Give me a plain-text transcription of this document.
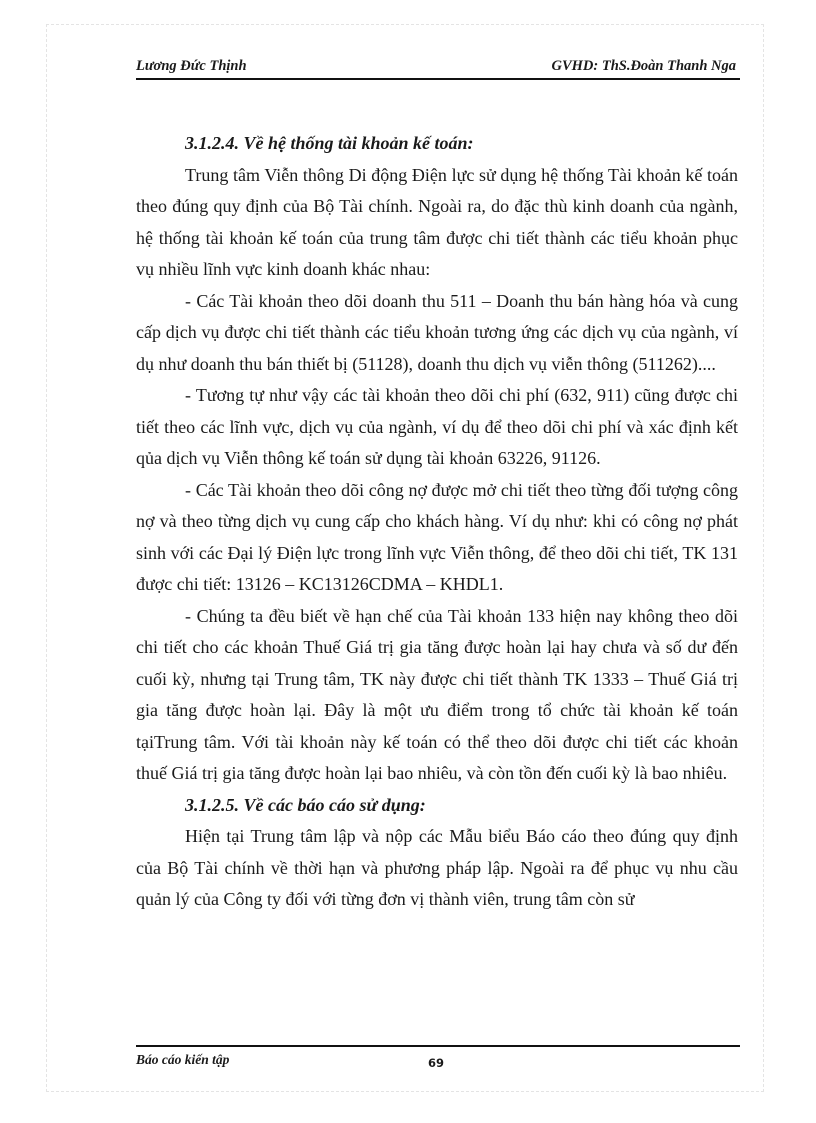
Lương Đức Thịnh	GVHD: ThS.Đoàn Thanh Nga

3.1.2.4. Về hệ thống tài khoản kế toán:

Trung tâm Viễn thông Di động Điện lực sử dụng hệ thống Tài khoản kế toán theo đúng quy định của Bộ Tài chính. Ngoài ra, do đặc thù kinh doanh của ngành, hệ thống tài khoản kế toán của trung tâm được chi tiết thành các tiểu khoản phục vụ nhiều lĩnh vực kinh doanh khác nhau:

- Các Tài khoản theo dõi doanh thu 511 – Doanh thu bán hàng hóa và cung cấp dịch vụ được chi tiết thành các tiểu khoản tương ứng các dịch vụ của ngành, ví dụ như doanh thu bán thiết bị (51128), doanh thu dịch vụ viễn thông (511262)....

- Tương tự như vậy các tài khoản theo dõi chi phí (632, 911) cũng được chi tiết theo các lĩnh vực, dịch vụ của ngành, ví dụ để theo dõi chi phí và xác định kết qủa dịch vụ Viễn thông kế toán sử dụng tài khoản 63226, 91126.

- Các Tài khoản theo dõi công nợ được mở chi tiết theo từng đối tượng công nợ và theo từng dịch vụ cung cấp cho khách hàng. Ví dụ như: khi có công nợ phát sinh với các Đại lý Điện lực trong lĩnh vực Viễn thông, để theo dõi chi tiết, TK 131 được chi tiết: 13126 – KC13126CDMA – KHDL1.

- Chúng ta đều biết về hạn chế của Tài khoản 133 hiện nay không theo dõi chi tiết cho các khoản Thuế Giá trị gia tăng được hoàn lại hay chưa và số dư đến cuối kỳ, nhưng tại Trung tâm, TK này được chi tiết thành TK 1333 – Thuế Giá trị gia tăng được hoàn lại. Đây là một ưu điểm trong tổ chức tài khoản kế toán tạiTrung tâm. Với tài khoản này kế toán có thể theo dõi được chi tiết các khoản thuế Giá trị gia tăng được hoàn lại bao nhiêu, và còn tồn đến cuối kỳ là bao nhiêu.

3.1.2.5. Về các báo cáo sử dụng:

Hiện tại Trung tâm lập và nộp các Mẫu biểu Báo cáo theo đúng quy định của Bộ Tài chính về thời hạn và phương pháp lập. Ngoài ra để phục vụ nhu cầu quản lý của Công ty đối với từng đơn vị thành viên, trung tâm còn sử

Báo cáo kiến tập	69
